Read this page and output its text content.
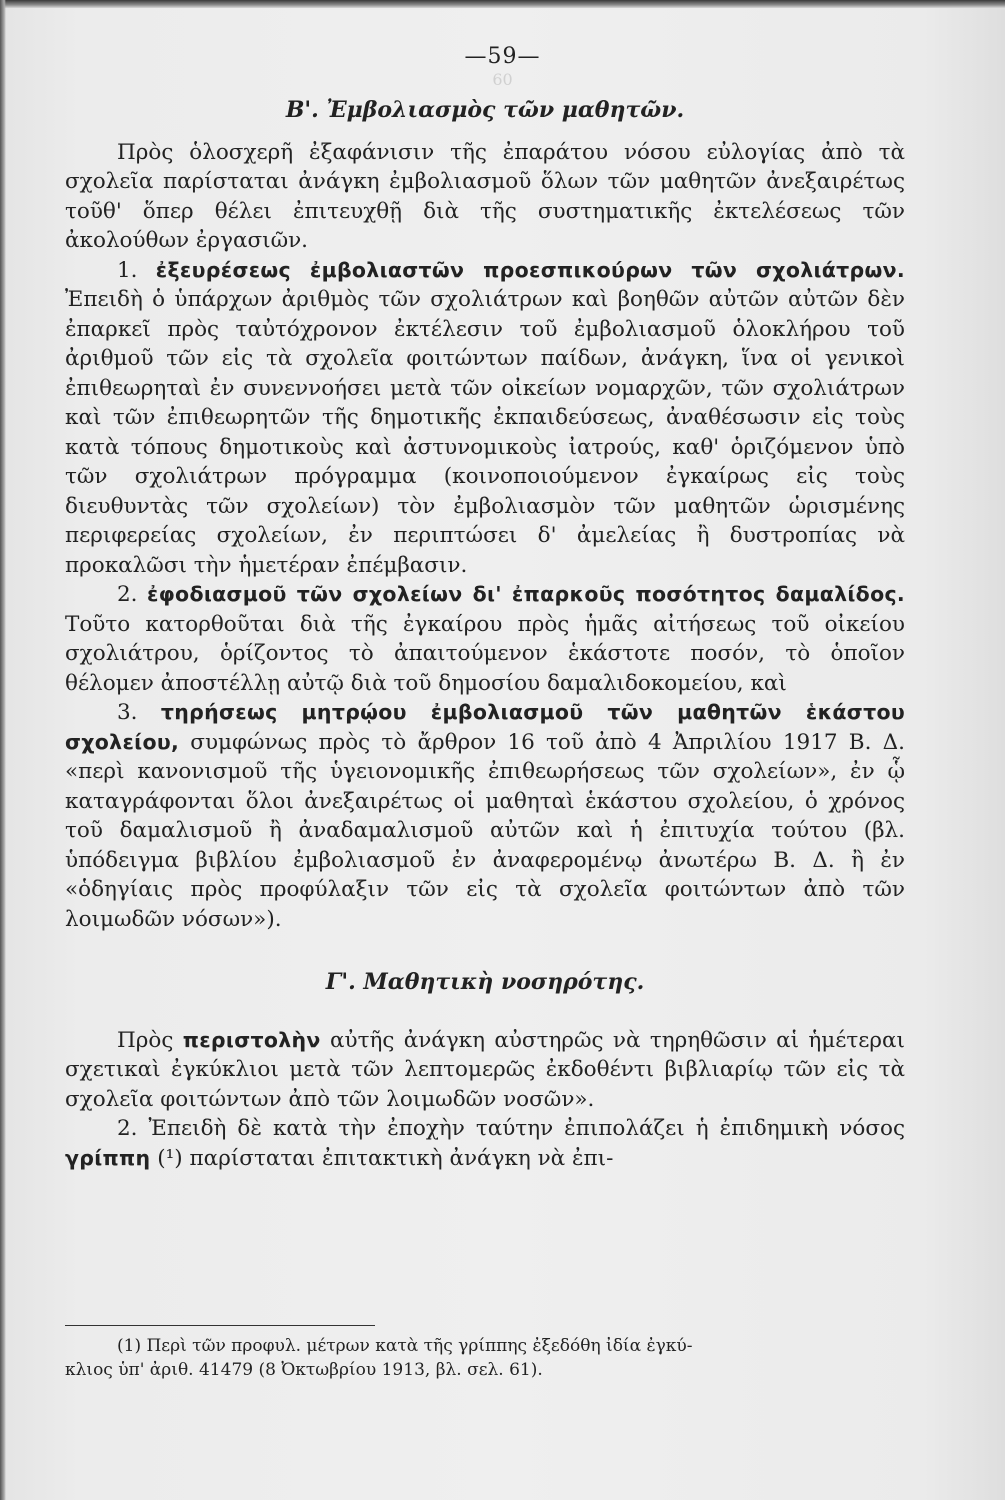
—59—
60
Β'. Ἐμβολιασμὸς τῶν μαθητῶν.

Πρὸς ὁλοσχερῆ ἐξαφάνισιν τῆς ἐπαράτου νόσου εὐλογίας ἀπὸ τὰ σχολεῖα παρίσταται ἀνάγκη ἐμβολιασμοῦ ὅλων τῶν μαθητῶν ἀνεξαιρέτως τοῦθ' ὅπερ θέλει ἐπιτευχθῇ διὰ τῆς συστηματικῆς ἐκτελέσεως τῶν ἀκολούθων ἐργασιῶν.

1. ἐξευρέσεως ἐμβολιαστῶν προεσπικούρων τῶν σχολιάτρων. Ἐπειδὴ ὁ ὑπάρχων ἀριθμὸς τῶν σχολιάτρων καὶ βοηθῶν αὐτῶν αὐτῶν δὲν ἐπαρκεῖ πρὸς ταὐτόχρονον ἐκτέλεσιν τοῦ ἐμβολιασμοῦ ὁλοκλήρου τοῦ ἀριθμοῦ τῶν εἰς τὰ σχολεῖα φοιτώντων παίδων, ἀνάγκη, ἵνα οἱ γενικοὶ ἐπιθεωρηταὶ ἐν συνεννοήσει μετὰ τῶν οἰκείων νομαρχῶν, τῶν σχολιάτρων καὶ τῶν ἐπιθεωρητῶν τῆς δημοτικῆς ἐκπαιδεύσεως, ἀναθέσωσιν εἰς τοὺς κατὰ τόπους δημοτικοὺς καὶ ἀστυνομικοὺς ἰατρούς, καθ' ὁριζόμενον ὑπὸ τῶν σχολιάτρων πρόγραμμα (κοινοποιούμενον ἐγκαίρως εἰς τοὺς διευθυντὰς τῶν σχολείων) τὸν ἐμβολιασμὸν τῶν μαθητῶν ὡρισμένης περιφερείας σχολείων, ἐν περιπτώσει δ' ἀμελείας ἢ δυστροπίας νὰ προκαλῶσι τὴν ἡμετέραν ἐπέμβασιν.

2. ἐφοδιασμοῦ τῶν σχολείων δι' ἐπαρκοῦς ποσότητος δαμαλίδος. Τοῦτο κατορθοῦται διὰ τῆς ἐγκαίρου πρὸς ἡμᾶς αἰτήσεως τοῦ οἰκείου σχολιάτρου, ὁρίζοντος τὸ ἀπαιτούμενον ἑκάστοτε ποσόν, τὸ ὁποῖον θέλομεν ἀποστέλλῃ αὐτῷ διὰ τοῦ δημοσίου δαμαλιδοκομείου, καὶ

3. τηρήσεως μητρῴου ἐμβολιασμοῦ τῶν μαθητῶν ἑκάστου σχολείου, συμφώνως πρὸς τὸ ἄρθρον 16 τοῦ ἀπὸ 4 Ἀπριλίου 1917 Β. Δ. «περὶ κανονισμοῦ τῆς ὑγειονομικῆς ἐπιθεωρήσεως τῶν σχολείων», ἐν ᾧ καταγράφονται ὅλοι ἀνεξαιρέτως οἱ μαθηταὶ ἑκάστου σχολείου, ὁ χρόνος τοῦ δαμαλισμοῦ ἢ ἀναδαμαλισμοῦ αὐτῶν καὶ ἡ ἐπιτυχία τούτου (βλ. ὑπόδειγμα βιβλίου ἐμβολιασμοῦ ἐν ἀναφερομένῳ ἀνωτέρω Β. Δ. ἢ ἐν «ὁδηγίαις πρὸς προφύλαξιν τῶν εἰς τὰ σχολεῖα φοιτώντων ἀπὸ τῶν λοιμωδῶν νόσων»).

Γ'. Μαθητικὴ νοσηρότης.

Πρὸς περιστολὴν αὐτῆς ἀνάγκη αὐστηρῶς νὰ τηρηθῶσιν αἱ ἡμέτεραι σχετικαὶ ἐγκύκλιοι μετὰ τῶν λεπτομερῶς ἐκδοθέντι βιβλιαρίῳ τῶν εἰς τὰ σχολεῖα φοιτώντων ἀπὸ τῶν λοιμωδῶν νοσῶν».

2. Ἐπειδὴ δὲ κατὰ τὴν ἐποχὴν ταύτην ἐπιπολάζει ἡ ἐπιδημικὴ νόσος γρίππη (¹) παρίσταται ἐπιτακτικὴ ἀνάγκη νὰ ἐπι-

(1) Περὶ τῶν προφυλ. μέτρων κατὰ τῆς γρίππης ἐξεδόθη ἰδία ἐγκύ-
κλιος ὑπ' ἀριθ. 41479 (8 Ὀκτωβρίου 1913, βλ. σελ. 61).
